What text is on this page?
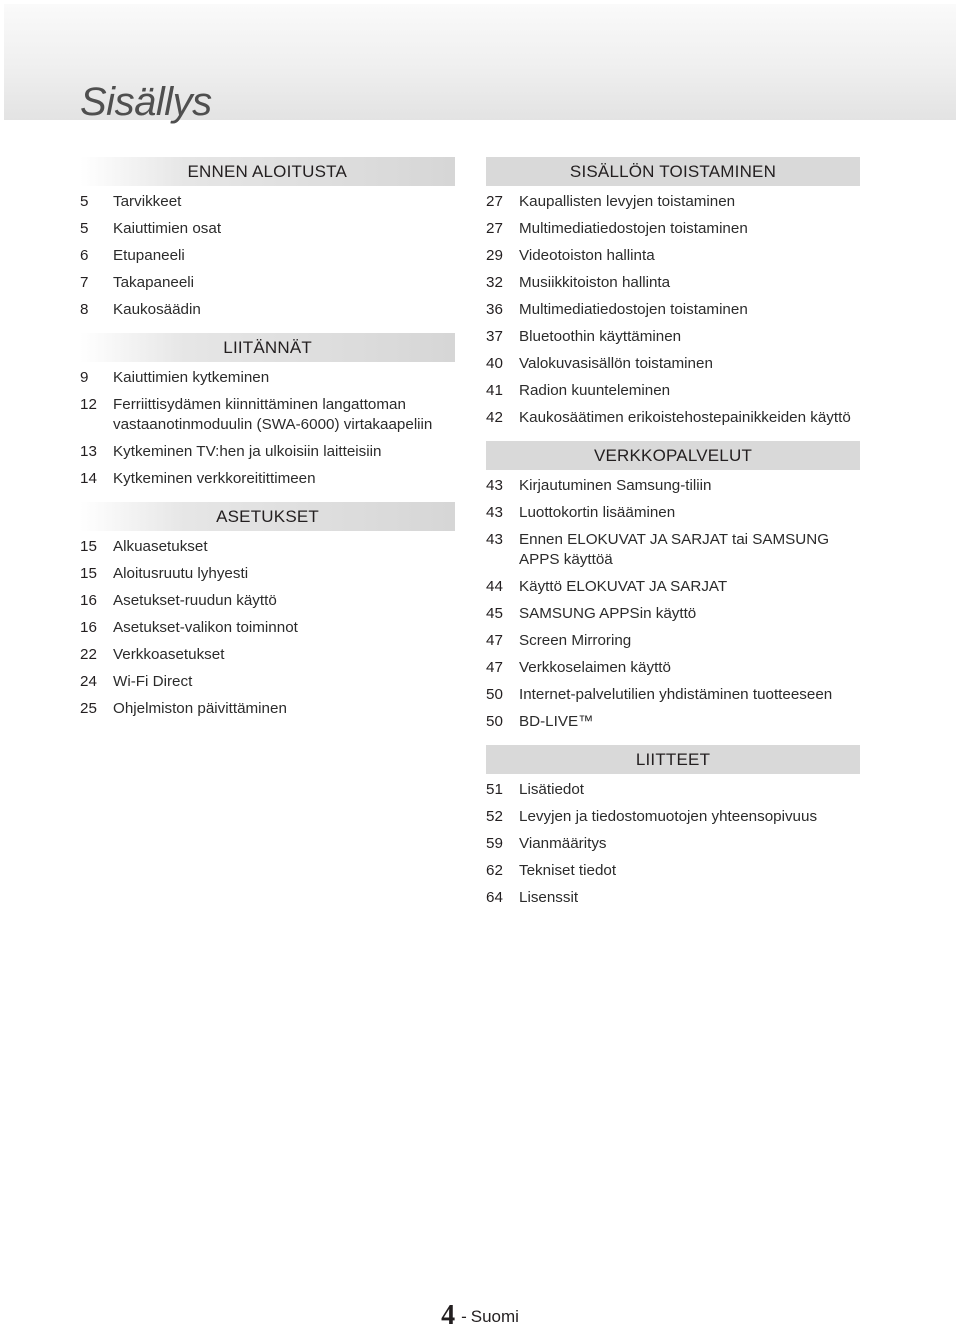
Sisällys
ENNEN ALOITUSTA
5	Tarvikkeet
5	Kaiuttimien osat
6	Etupaneeli
7	Takapaneeli
8	Kaukosäädin
LIITÄNNÄT
9	Kaiuttimien kytkeminen
12	Ferriittisydämen kiinnittäminen langattoman vastaanotinmoduulin (SWA-6000) virtakaapeliin
13	Kytkeminen TV:hen ja ulkoisiin laitteisiin
14	Kytkeminen verkkoreitittimeen
ASETUKSET
15	Alkuasetukset
15	Aloitusruutu lyhyesti
16	Asetukset-ruudun käyttö
16	Asetukset-valikon toiminnot
22	Verkkoasetukset
24	Wi-Fi Direct
25	Ohjelmiston päivittäminen
SISÄLLÖN TOISTAMINEN
27	Kaupallisten levyjen toistaminen
27	Multimediatiedostojen toistaminen
29	Videotoiston hallinta
32	Musiikkitoiston hallinta
36	Multimediatiedostojen toistaminen
37	Bluetoothin käyttäminen
40	Valokuvasisällön toistaminen
41	Radion kuunteleminen
42	Kaukosäätimen erikoistehostepainikkeiden käyttö
VERKKOPALVELUT
43	Kirjautuminen Samsung-tiliin
43	Luottokortin lisääminen
43	Ennen ELOKUVAT JA SARJAT tai SAMSUNG APPS käyttöä
44	Käyttö ELOKUVAT JA SARJAT
45	SAMSUNG APPSin käyttö
47	Screen Mirroring
47	Verkkoselaimen käyttö
50	Internet-palvelutilien yhdistäminen tuotteeseen
50	BD-LIVE™
LIITTEET
51	Lisätiedot
52	Levyjen ja tiedostomuotojen yhteensopivuus
59	Vianmääritys
62	Tekniset tiedot
64	Lisenssit
4 - Suomi
